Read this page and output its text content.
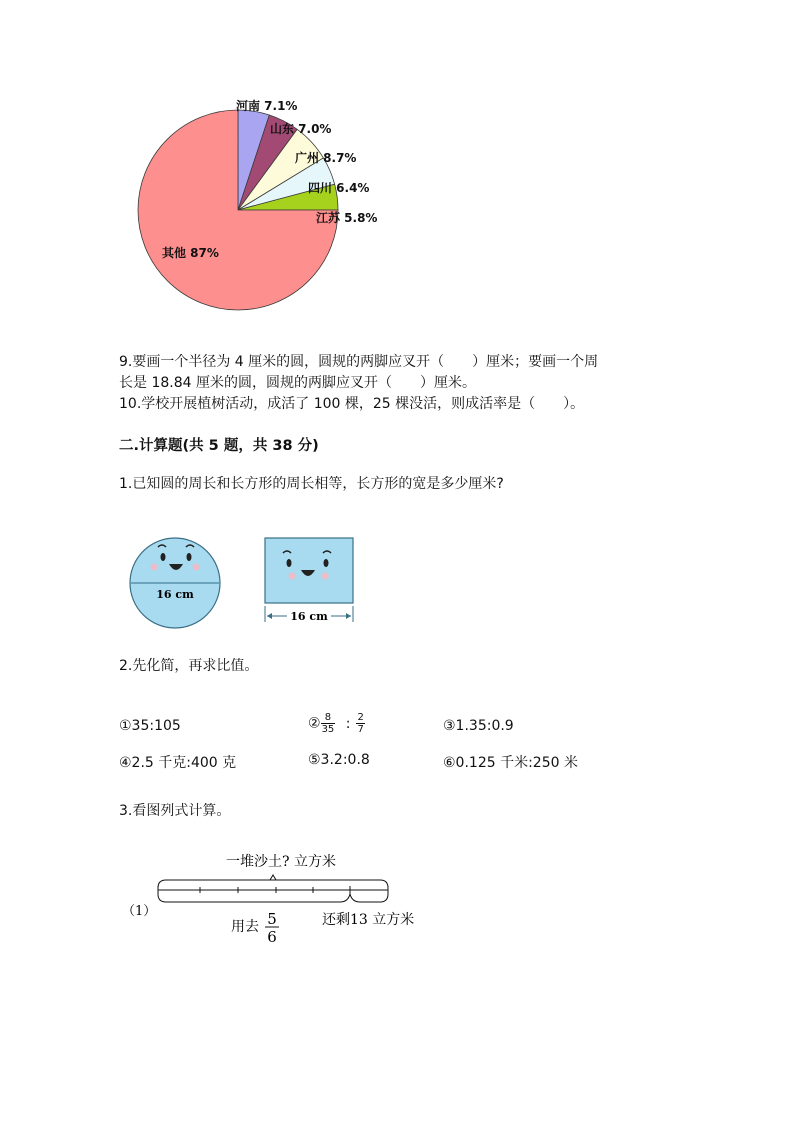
河南 7.1%
山东 7.0%
广州 8.7%
四川 6.4%
江苏 5.8%
其他 87%
9.要画一个半径为 4 厘米的圆，圆规的两脚应叉开（　　）厘米；要画一个周
长是 18.84 厘米的圆，圆规的两脚应叉开（　　）厘米。
10.学校开展植树活动，成活了 100 棵，25 棵没活，则成活率是（　　）。
二.计算题(共 5 题，共 38 分)
1.已知圆的周长和长方形的周长相等，长方形的宽是多少厘米?
16 cm
16 cm
2.先化简，再求比值。
①35:105	② $\frac{8}{35}$ : $\frac{2}{7}$	③1.35:0.9
④2.5 千克:400 克	⑤3.2:0.8	⑥0.125 千米:250 米
3.看图列式计算。
一堆沙土? 立方米
（1）
用去 5
6
还剩13 立方米
